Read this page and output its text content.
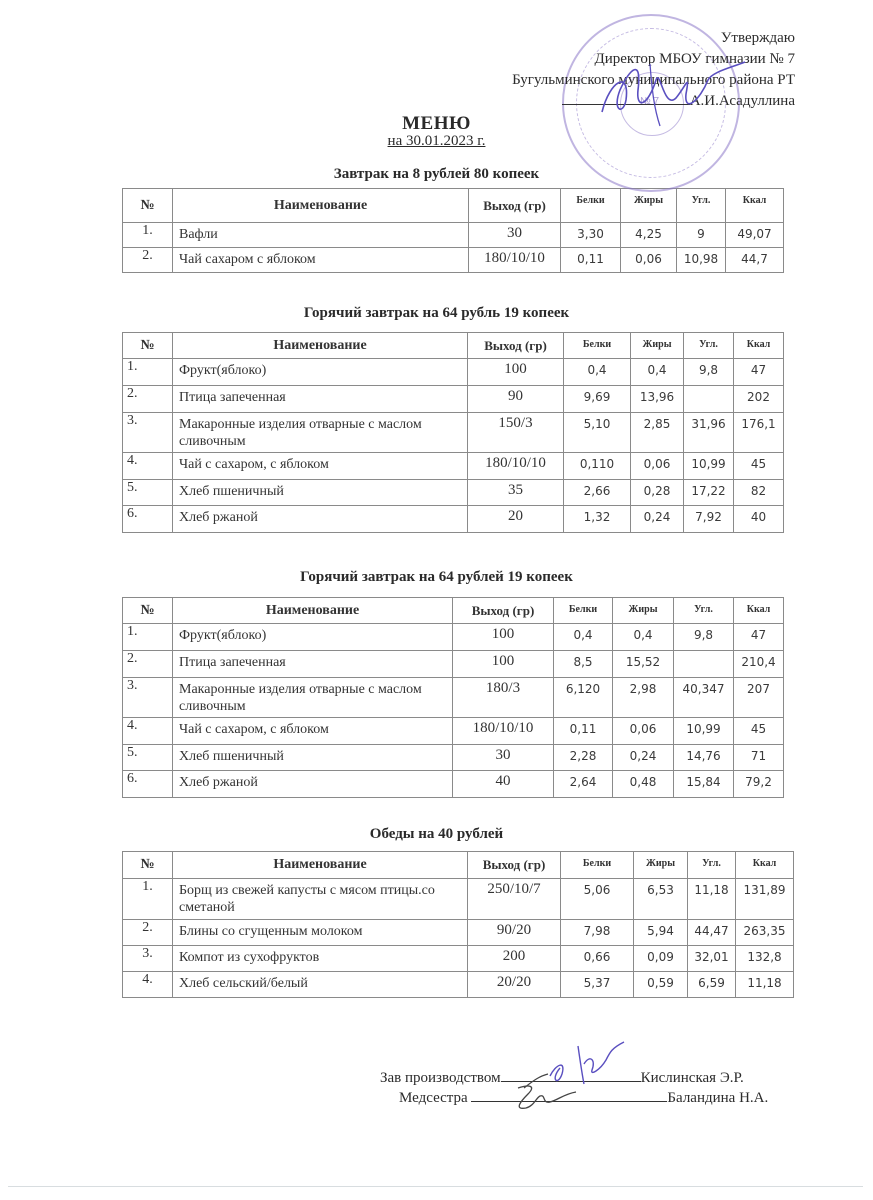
Утверждаю
Директор МБОУ гимназии № 7
Бугульминского муниципального района РТ
А.И.Асадуллина
№ 7
МЕНЮ
на 30.01.2023 г.
Завтрак на 8 рублей 80 копеек
№	Наименование	Выход (гр)	Белки	Жиры	Угл.	Ккал
1.	Вафли	30	3,30	4,25	9	49,07
2.	Чай сахаром с яблоком	180/10/10	0,11	0,06	10,98	44,7
Горячий завтрак на 64 рубль 19 копеек
№	Наименование	Выход (гр)	Белки	Жиры	Угл.	Ккал
1.	Фрукт(яблоко)	100	0,4	0,4	9,8	47
2.	Птица запеченная	90	9,69	13,96		202
3.	Макаронные изделия отварные с маслом сливочным	150/3	5,10	2,85	31,96	176,1
4.	Чай с сахаром, с яблоком	180/10/10	0,110	0,06	10,99	45
5.	Хлеб пшеничный	35	2,66	0,28	17,22	82
6.	Хлеб ржаной	20	1,32	0,24	7,92	40
Горячий завтрак на 64 рублей 19 копеек
№	Наименование	Выход (гр)	Белки	Жиры	Угл.	Ккал
1.	Фрукт(яблоко)	100	0,4	0,4	9,8	47
2.	Птица запеченная	100	8,5	15,52		210,4
3.	Макаронные изделия отварные с маслом сливочным	180/3	6,120	2,98	40,347	207
4.	Чай с сахаром, с яблоком	180/10/10	0,11	0,06	10,99	45
5.	Хлеб пшеничный	30	2,28	0,24	14,76	71
6.	Хлеб ржаной	40	2,64	0,48	15,84	79,2
Обеды на 40 рублей
№	Наименование	Выход (гр)	Белки	Жиры	Угл.	Ккал
1.	Борщ из свежей капусты с мясом птицы.со сметаной	250/10/7	5,06	6,53	11,18	131,89
2.	Блины со сгущенным молоком	90/20	7,98	5,94	44,47	263,35
3.	Компот из сухофруктов	200	0,66	0,09	32,01	132,8
4.	Хлеб сельский/белый	20/20	5,37	0,59	6,59	11,18
Зав производством	Кислинская Э.Р.
Медсестра	Баландина Н.А.
